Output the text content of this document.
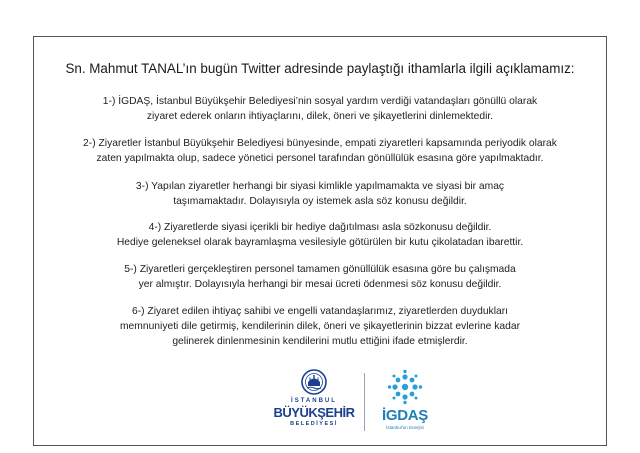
Sn. Mahmut TANAL’ın bugün Twitter adresinde paylaştığı ithamlarla ilgili açıklamamız:
1-) İGDAŞ, İstanbul Büyükşehir Belediyesi’nin sosyal yardım verdiği vatandaşları gönüllü olarak
ziyaret ederek onların ihtiyaçlarını, dilek, öneri ve şikayetlerini dinlemektedir.
2-) Ziyaretler İstanbul Büyükşehir Belediyesi bünyesinde, empati ziyaretleri kapsamında periyodik olarak
zaten yapılmakta olup, sadece yönetici personel tarafından gönüllülük esasına göre yapılmaktadır.
3-) Yapılan ziyaretler herhangi bir siyasi kimlikle yapılmamakta ve siyasi bir amaç
taşımamaktadır. Dolayısıyla oy istemek asla söz konusu değildir.
4-) Ziyaretlerde siyasi içerikli bir hediye dağıtılması asla sözkonusu değildir.
Hediye geleneksel olarak bayramlaşma vesilesiyle götürülen bir kutu çikolatadan ibarettir.
5-) Ziyaretleri gerçekleştiren personel tamamen gönüllülük esasına göre bu çalışmada
yer almıştır. Dolayısıyla herhangi bir mesai ücreti ödenmesi söz konusu değildir.
6-) Ziyaret edilen ihtiyaç sahibi ve engelli vatandaşlarımız, ziyaretlerden duydukları
memnuniyeti dile getirmiş, kendilerinin dilek, öneri ve şikayetlerinin bizzat evlerine kadar
gelinerek dinlenmesinin kendilerini mutlu ettiğini ifade etmişlerdir.
İSTANBUL
BÜYÜKŞEHİR
BELEDİYESİ	İGDAŞ
İstanbul'un Enerjisi
